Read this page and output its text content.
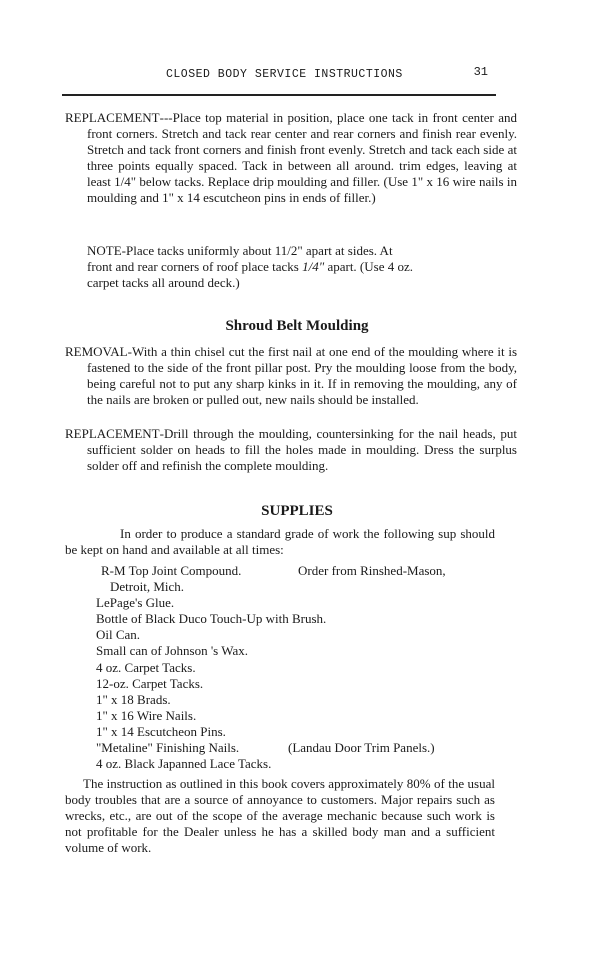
CLOSED BODY SERVICE INSTRUCTIONS	31
REPLACEMENT---Place top material in position, place one tack in front center and front corners. Stretch and tack rear center and rear corners and finish rear evenly. Stretch and tack front corners and finish front evenly. Stretch and tack each side at three points equally spaced. Tack in between all around. trim edges, leaving at least 1/4" below tacks. Replace drip moulding and filler. (Use 1" x 16 wire nails in moulding and 1" x 14 escutcheon pins in ends of filler.)
NOTE-Place tacks uniformly about 11/2" apart at sides. At
front and rear corners of roof place tacks 1/4" apart. (Use 4 oz.
carpet tacks all around deck.)
Shroud Belt Moulding
REMOVAL-With a thin chisel cut the first nail at one end of the moulding where it is fastened to the side of the front pillar post. Pry the moulding loose from the body, being careful not to put any sharp kinks in it. If in removing the moulding, any of the nails are broken or pulled out, new nails should be installed.
REPLACEMENT-Drill through the moulding, countersinking for the nail heads, put sufficient solder on heads to fill the holes made in moulding. Dress the surplus solder off and refinish the complete moulding.
SUPPLIES
In order to produce a standard grade of work the following sup should be kept on hand and available at all times:
R-M Top Joint Compound.	Order from Rinshed-Mason,
Detroit, Mich.
LePage's Glue.
Bottle of Black Duco Touch-Up with Brush.
Oil Can.
Small can of Johnson 's Wax.
4 oz. Carpet Tacks.
12-oz. Carpet Tacks.
1" x 18 Brads.
1" x 16 Wire Nails.
1" x 14 Escutcheon Pins.
"Metaline" Finishing Nails.	(Landau Door Trim Panels.)
4 oz. Black Japanned Lace Tacks.
The instruction as outlined in this book covers approximately 80% of the usual body troubles that are a source of annoyance to customers. Major repairs such as wrecks, etc., are out of the scope of the average mechanic because such work is not profitable for the Dealer unless he has a skilled body man and a sufficient volume of work.
